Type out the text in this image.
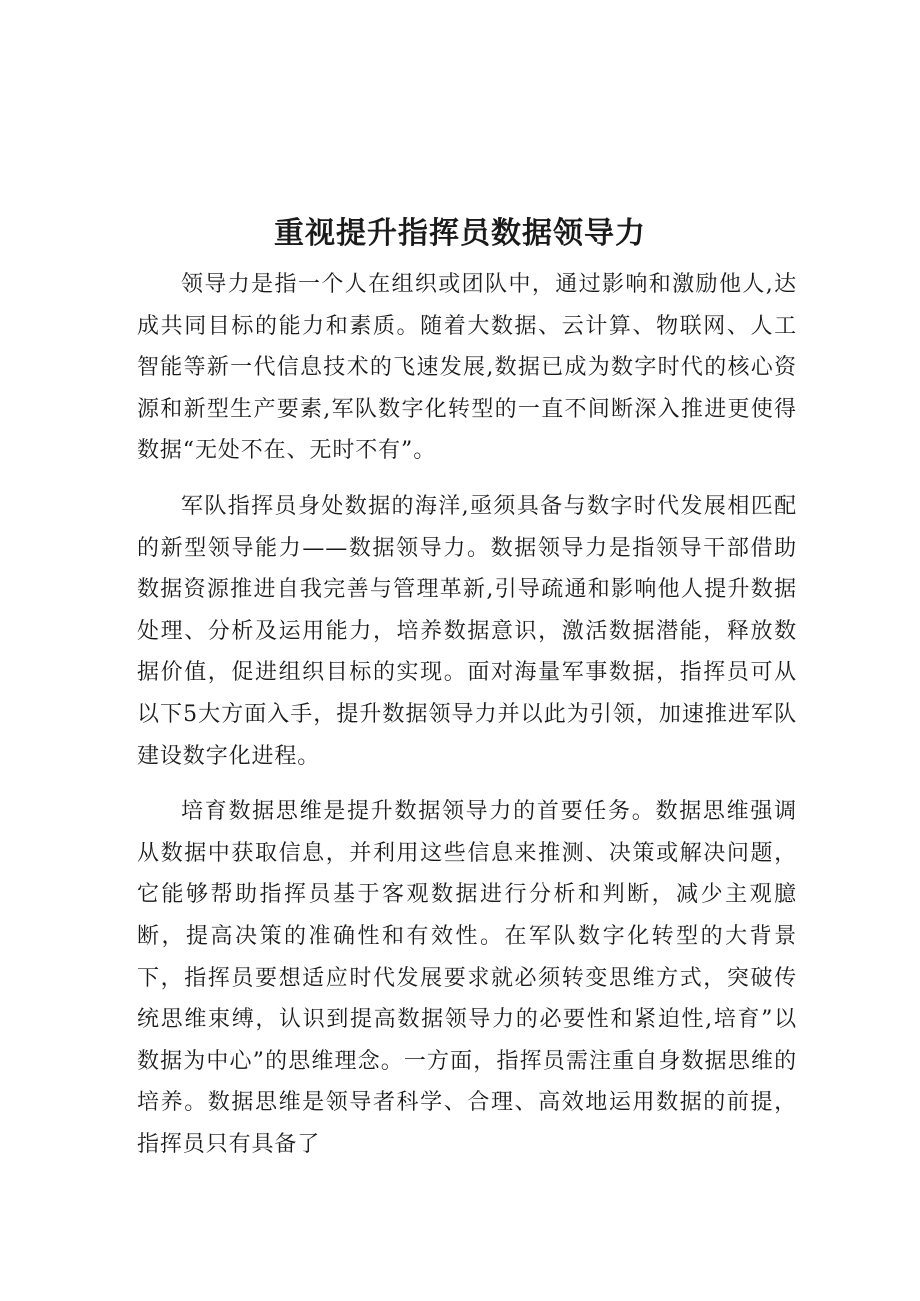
重视提升指挥员数据领导力

领导力是指一个人在组织或团队中，通过影响和激励他人,达成共同目标的能力和素质。随着大数据、云计算、物联网、人工智能等新一代信息技术的飞速发展,数据已成为数字时代的核心资源和新型生产要素,军队数字化转型的一直不间断深入推进更使得数据“无处不在、无时不有”。

军队指挥员身处数据的海洋,亟须具备与数字时代发展相匹配的新型领导能力——数据领导力。数据领导力是指领导干部借助数据资源推进自我完善与管理革新,引导疏通和影响他人提升数据处理、分析及运用能力，培养数据意识，激活数据潜能，释放数据价值，促进组织目标的实现。面对海量军事数据，指挥员可从以下5大方面入手，提升数据领导力并以此为引领，加速推进军队建设数字化进程。

培育数据思维是提升数据领导力的首要任务。数据思维强调从数据中获取信息，并利用这些信息来推测、决策或解决问题，它能够帮助指挥员基于客观数据进行分析和判断，减少主观臆断，提高决策的准确性和有效性。在军队数字化转型的大背景下，指挥员要想适应时代发展要求就必须转变思维方式，突破传统思维束缚，认识到提高数据领导力的必要性和紧迫性,培育”以数据为中心”的思维理念。一方面，指挥员需注重自身数据思维的培养。数据思维是领导者科学、合理、高效地运用数据的前提，指挥员只有具备了
